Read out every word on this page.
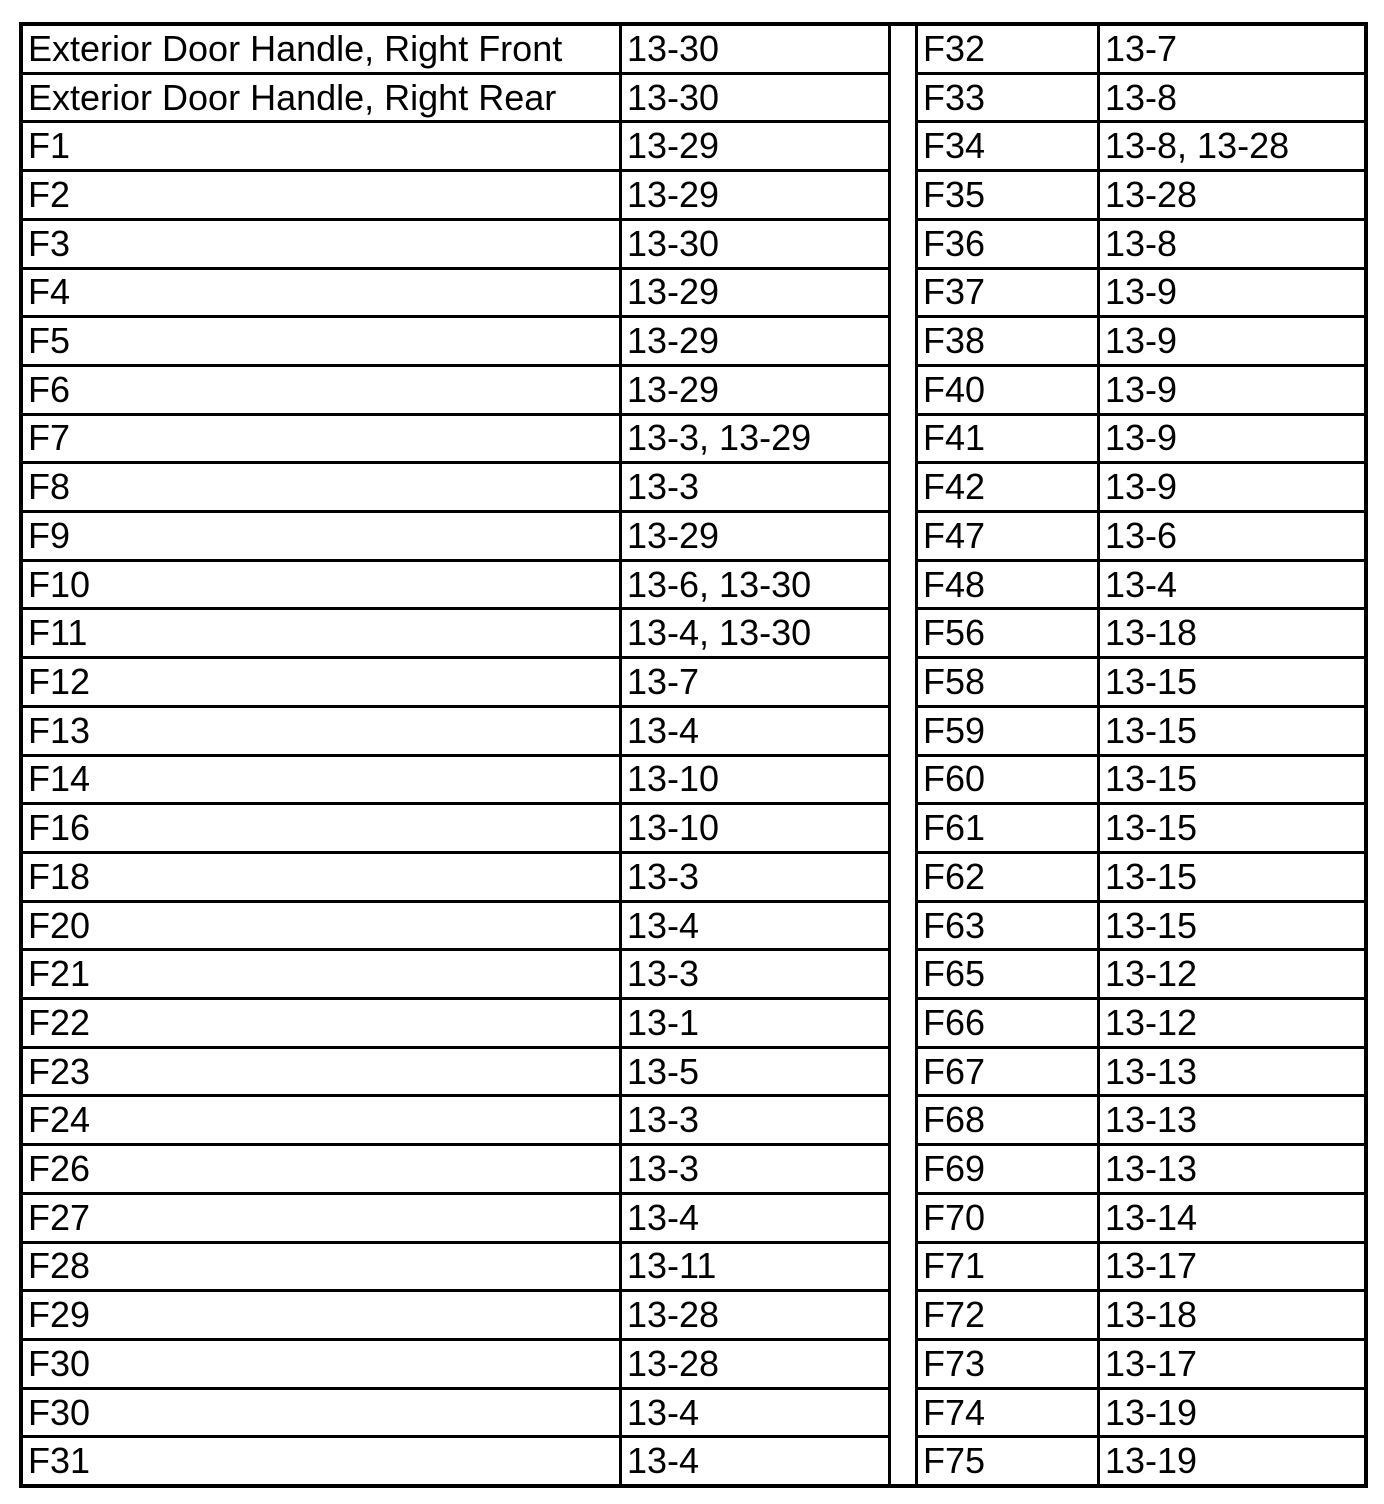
Exterior Door Handle, Right Front	13-30
Exterior Door Handle, Right Rear	13-30
F1	13-29
F2	13-29
F3	13-30
F4	13-29
F5	13-29
F6	13-29
F7	13-3, 13-29
F8	13-3
F9	13-29
F10	13-6, 13-30
F11	13-4, 13-30
F12	13-7
F13	13-4
F14	13-10
F16	13-10
F18	13-3
F20	13-4
F21	13-3
F22	13-1
F23	13-5
F24	13-3
F26	13-3
F27	13-4
F28	13-11
F29	13-28
F30	13-28
F30	13-4
F31	13-4
F32	13-7
F33	13-8
F34	13-8, 13-28
F35	13-28
F36	13-8
F37	13-9
F38	13-9
F40	13-9
F41	13-9
F42	13-9
F47	13-6
F48	13-4
F56	13-18
F58	13-15
F59	13-15
F60	13-15
F61	13-15
F62	13-15
F63	13-15
F65	13-12
F66	13-12
F67	13-13
F68	13-13
F69	13-13
F70	13-14
F71	13-17
F72	13-18
F73	13-17
F74	13-19
F75	13-19
